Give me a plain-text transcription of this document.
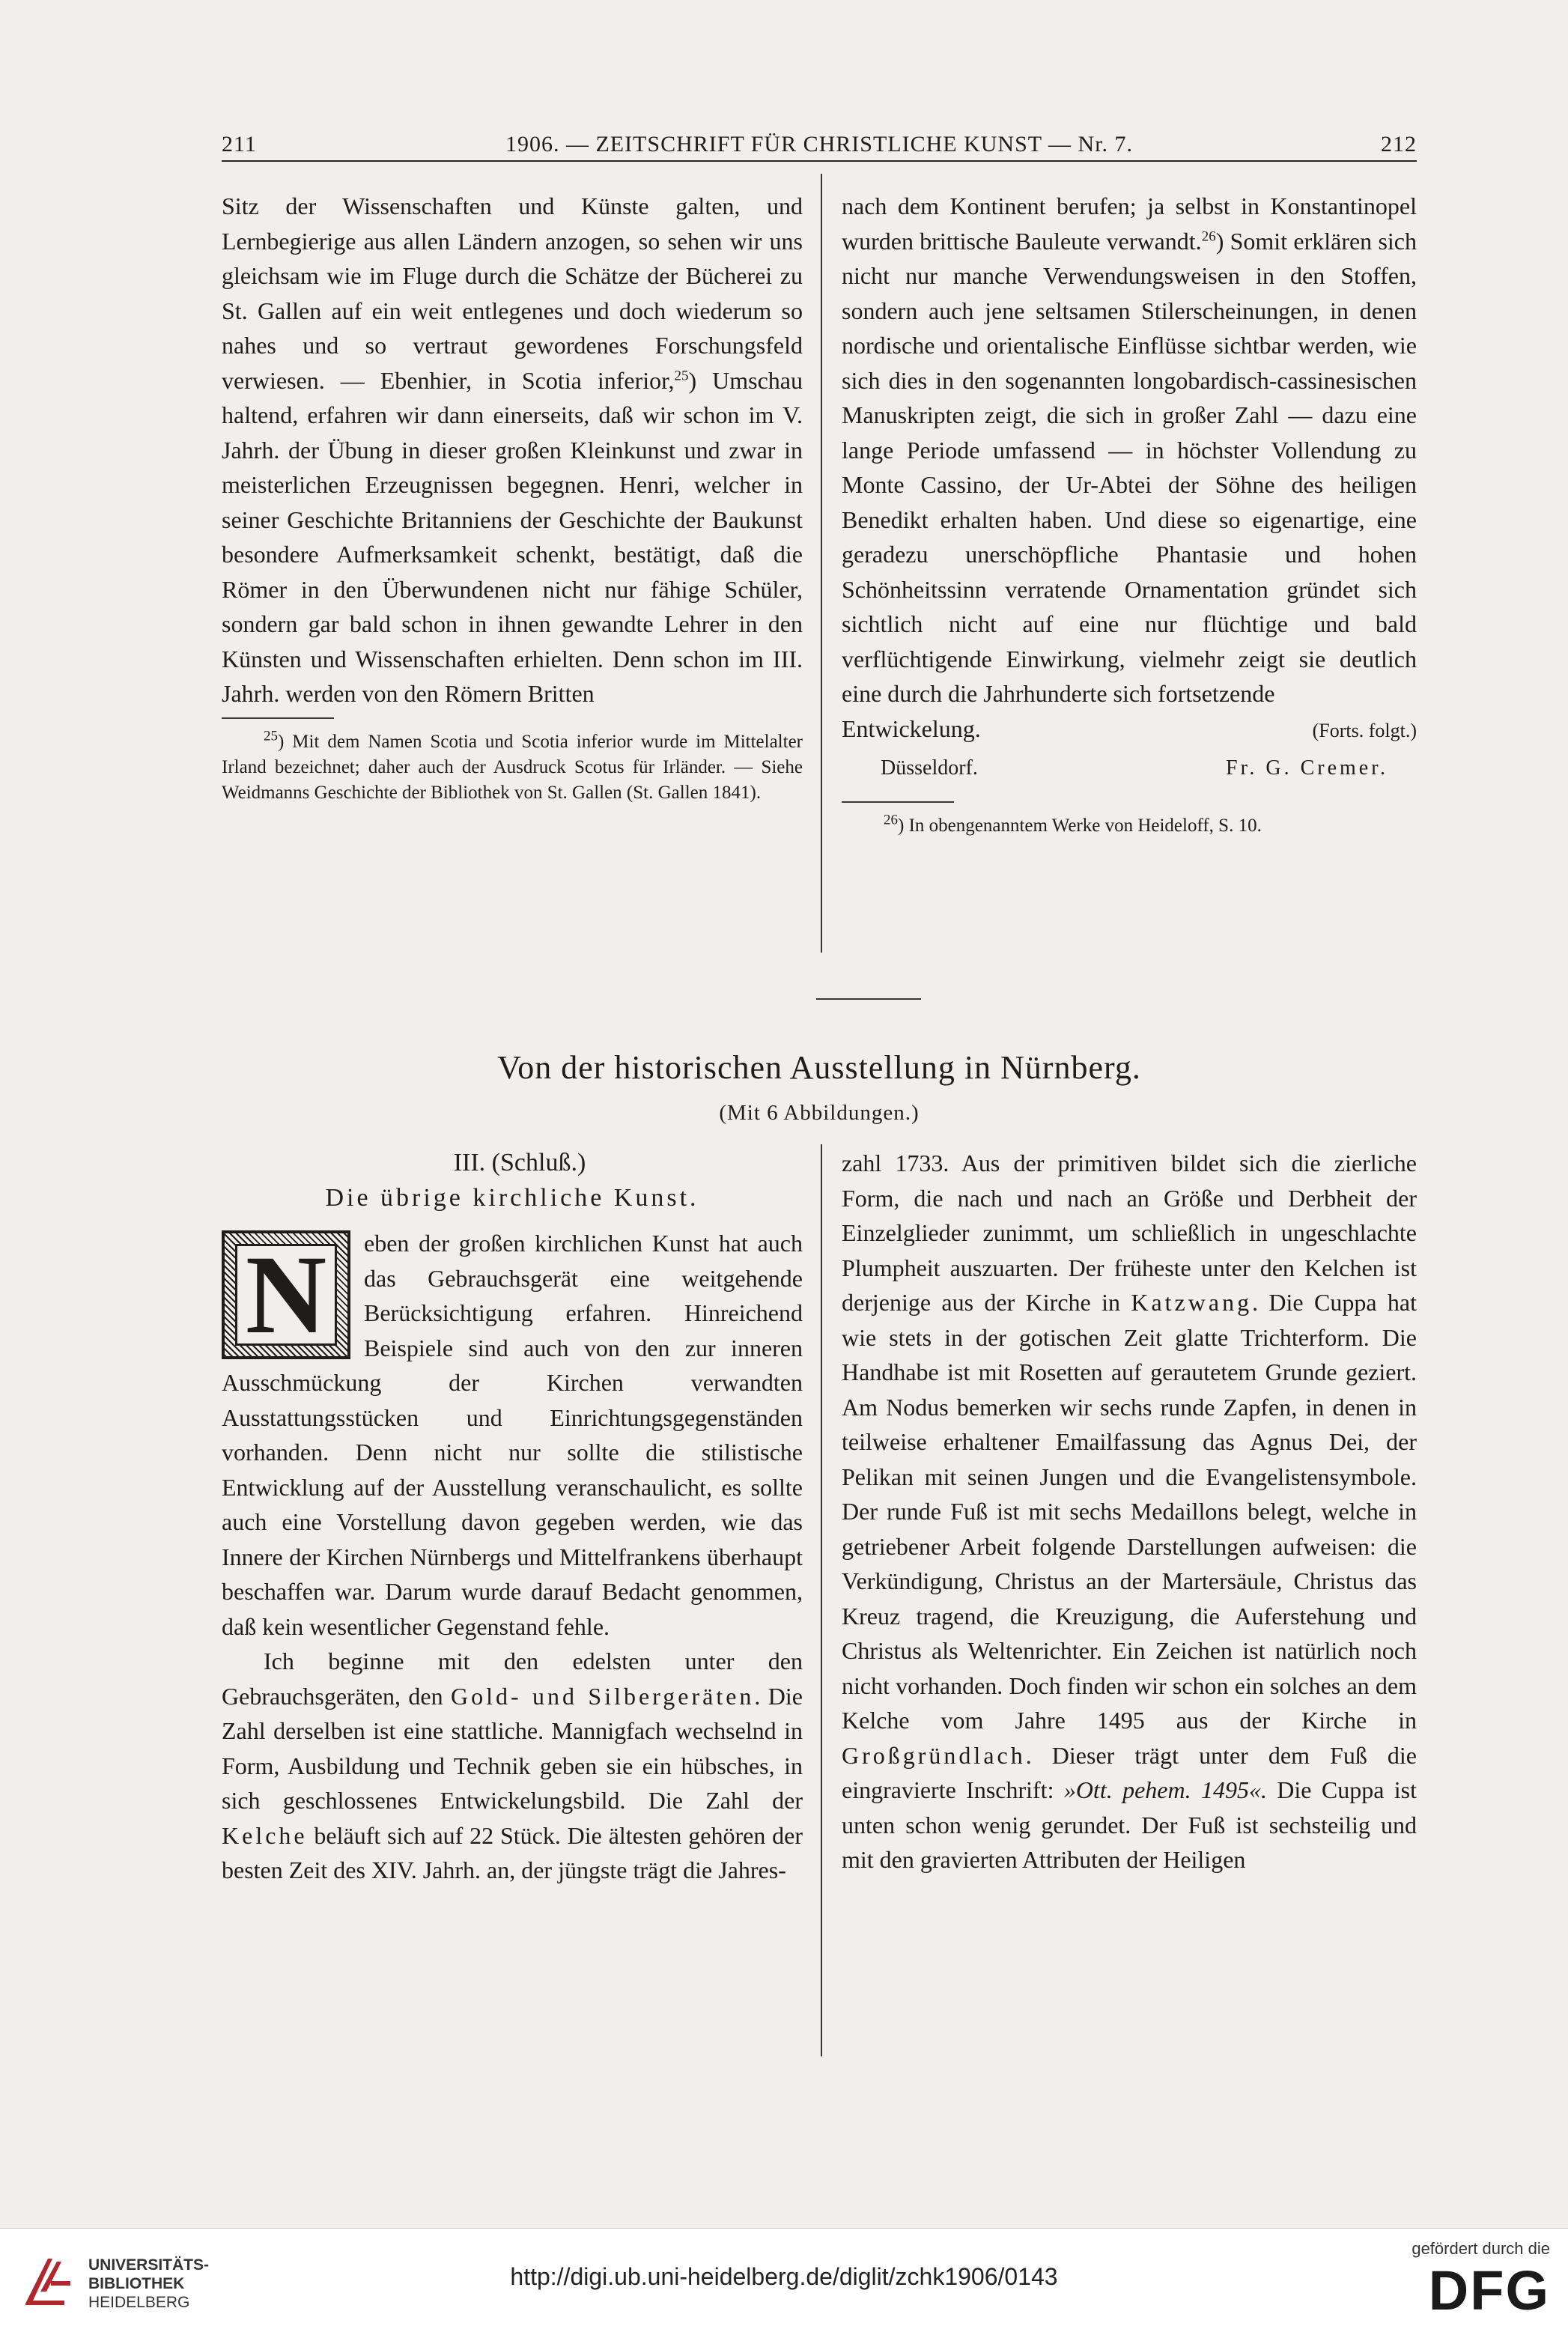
211	1906. — ZEITSCHRIFT FÜR CHRISTLICHE KUNST — Nr. 7.	212

Sitz der Wissenschaften und Künste galten, und Lernbegierige aus allen Ländern anzogen, so sehen wir uns gleichsam wie im Fluge durch die Schätze der Bücherei zu St. Gallen auf ein weit entlegenes und doch wiederum so nahes und so vertraut gewordenes Forschungsfeld verwiesen. — Ebenhier, in Scotia inferior,$^{25}$) Umschau haltend, erfahren wir dann einerseits, daß wir schon im V. Jahrh. der Übung in dieser großen Kleinkunst und zwar in meisterlichen Erzeugnissen begegnen. Henri, welcher in seiner Geschichte Britanniens der Geschichte der Baukunst besondere Aufmerksamkeit schenkt, bestätigt, daß die Römer in den Überwundenen nicht nur fähige Schüler, sondern gar bald schon in ihnen gewandte Lehrer in den Künsten und Wissenschaften erhielten. Denn schon im III. Jahrh. werden von den Römern Britten

$^{25}$) Mit dem Namen Scotia und Scotia inferior wurde im Mittelalter Irland bezeichnet; daher auch der Ausdruck Scotus für Irländer. — Siehe Weidmanns Geschichte der Bibliothek von St. Gallen (St. Gallen 1841).

nach dem Kontinent berufen; ja selbst in Konstantinopel wurden brittische Bauleute verwandt.$^{26}$) Somit erklären sich nicht nur manche Verwendungsweisen in den Stoffen, sondern auch jene seltsamen Stilerscheinungen, in denen nordische und orientalische Einflüsse sichtbar werden, wie sich dies in den sogenannten longobardisch-cassinesischen Manuskripten zeigt, die sich in großer Zahl — dazu eine lange Periode umfassend — in höchster Vollendung zu Monte Cassino, der Ur-Abtei der Söhne des heiligen Benedikt erhalten haben. Und diese so eigenartige, eine geradezu unerschöpfliche Phantasie und hohen Schönheitssinn verratende Ornamentation gründet sich sichtlich nicht auf eine nur flüchtige und bald verflüchtigende Einwirkung, vielmehr zeigt sie deutlich eine durch die Jahrhunderte sich fortsetzende

Entwickelung.	(Forts. folgt.)
Düsseldorf.	Fr. G. Cremer.

$^{26}$) In obengenanntem Werke von Heideloff, S. 10.

Von der historischen Ausstellung in Nürnberg.
(Mit 6 Abbildungen.)
III. (Schluß.)
Die übrige kirchliche Kunst.
N	eben der großen kirchlichen Kunst hat auch das Gebrauchsgerät eine weitgehende Berücksichtigung erfahren. Hinreichend Beispiele sind auch von den zur inneren Ausschmückung der Kirchen verwandten Ausstattungsstücken und Einrichtungsgegenständen vorhanden. Denn nicht nur sollte die stilistische Entwicklung auf der Ausstellung veranschaulicht, es sollte auch eine Vorstellung davon gegeben werden, wie das Innere der Kirchen Nürnbergs und Mittelfrankens überhaupt beschaffen war. Darum wurde darauf Bedacht genommen, daß kein wesentlicher Gegenstand fehle.

Ich beginne mit den edelsten unter den Gebrauchsgeräten, den Gold- und Silbergeräten. Die Zahl derselben ist eine stattliche. Mannigfach wechselnd in Form, Ausbildung und Technik geben sie ein hübsches, in sich geschlossenes Entwickelungsbild. Die Zahl der Kelche beläuft sich auf 22 Stück. Die ältesten gehören der besten Zeit des XIV. Jahrh. an, der jüngste trägt die Jahres-

zahl 1733. Aus der primitiven bildet sich die zierliche Form, die nach und nach an Größe und Derbheit der Einzelglieder zunimmt, um schließlich in ungeschlachte Plumpheit auszuarten. Der früheste unter den Kelchen ist derjenige aus der Kirche in Katzwang. Die Cuppa hat wie stets in der gotischen Zeit glatte Trichterform. Die Handhabe ist mit Rosetten auf gerautetem Grunde geziert. Am Nodus bemerken wir sechs runde Zapfen, in denen in teilweise erhaltener Emailfassung das Agnus Dei, der Pelikan mit seinen Jungen und die Evangelistensymbole. Der runde Fuß ist mit sechs Medaillons belegt, welche in getriebener Arbeit folgende Darstellungen aufweisen: die Verkündigung, Christus an der Martersäule, Christus das Kreuz tragend, die Kreuzigung, die Auferstehung und Christus als Weltenrichter. Ein Zeichen ist natürlich noch nicht vorhanden. Doch finden wir schon ein solches an dem Kelche vom Jahre 1495 aus der Kirche in Großgründlach. Dieser trägt unter dem Fuß die eingravierte Inschrift: »Ott. pehem. 1495«. Die Cuppa ist unten schon wenig gerundet. Der Fuß ist sechsteilig und mit den gravierten Attributen der Heiligen

UNIVERSITÄTS-
BIBLIOTHEK
HEIDELBERG
http://digi.ub.uni-heidelberg.de/diglit/zchk1906/0143
gefördert durch die
DFG
